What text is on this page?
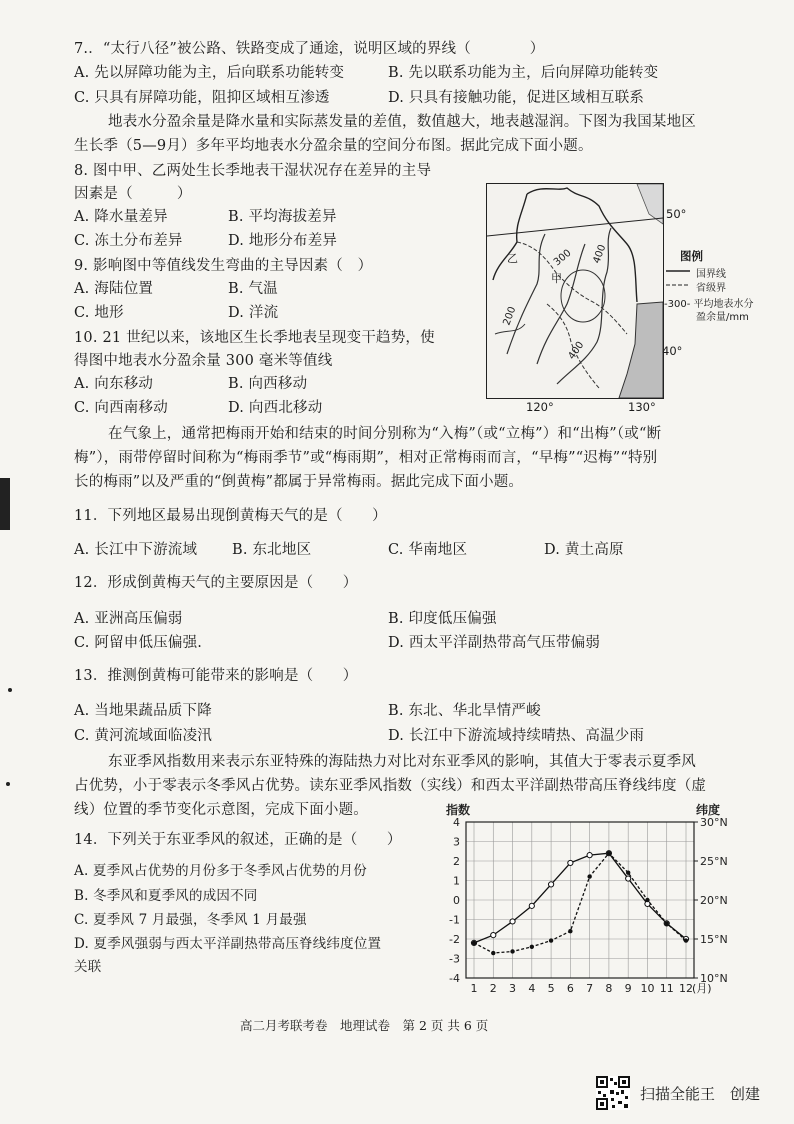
7.．“太行八径”被公路、铁路变成了通途，说明区域的界线（　　　　）
A. 先以屏障功能为主，后向联系功能转变	B. 先以联系功能为主，后向屏障功能转变
C. 只具有屏障功能，阻抑区域相互渗透	D. 只具有接触功能，促进区域相互联系
地表水分盈余量是降水量和实际蒸发量的差值，数值越大，地表越湿润。下图为我国某地区
生长季（5—9月）多年平均地表水分盈余量的空间分布图。据此完成下面小题。
8. 图中甲、乙两处生长季地表干湿状况存在差异的主导
因素是（　　　）
A. 降水量差异	B. 平均海拔差异
C. 冻土分布差异	D. 地形分布差异
9. 影响图中等值线发生弯曲的主导因素（　）
A. 海陆位置	B. 气温
C. 地形	D. 洋流
10. 21 世纪以来，该地区生长季地表呈现变干趋势，使
得图中地表水分盈余量 300 毫米等值线
A. 向东移动	B. 向西移动
C. 向西南移动	D. 向西北移动
在气象上，通常把梅雨开始和结束的时间分别称为“入梅”（或“立梅”）和“出梅”（或“断
梅”），雨带停留时间称为“梅雨季节”或“梅雨期”，相对正常梅雨而言，“早梅”“迟梅”“特别
长的梅雨”以及严重的“倒黄梅”都属于异常梅雨。据此完成下面小题。
11．下列地区最易出现倒黄梅天气的是（　　）
A. 长江中下游流域 B. 东北地区	C. 华南地区	D. 黄土高原
12．形成倒黄梅天气的主要原因是（　　）
A. 亚洲高压偏弱	B. 印度低压偏强
C. 阿留申低压偏强.	D. 西太平洋副热带高气压带偏弱
13．推测倒黄梅可能带来的影响是（　　）
A. 当地果蔬品质下降	B. 东北、华北旱情严峻
C. 黄河流域面临凌汛	D. 长江中下游流域持续晴热、高温少雨
东亚季风指数用来表示东亚特殊的海陆热力对比对东亚季风的影响，其值大于零表示夏季风
占优势，小于零表示冬季风占优势。读东亚季风指数（实线）和西太平洋副热带高压脊线纬度（虚
线）位置的季节变化示意图，完成下面小题。
14．下列关于东亚季风的叙述，正确的是（　　）
A. 夏季风占优势的月份多于冬季风占优势的月份
B. 冬季风和夏季风的成因不同
C. 夏季风 7 月最强，冬季风 1 月最强
D. 夏季风强弱与西太平洋副热带高压脊线纬度位置
关联
300 400
200
400
乙
甲
50°
40°
120°	130°
图例
国界线
省级界
-300- 平均地表水分
盈余量/mm
4
3
2
1
0
-1
-2
-3
-4
1 2 3 4 5 6 7 8 9 10 11 12
30°N
25°N
20°N
15°N
10°N
指数	纬度
(月)
高二月考联考卷　地理试卷　第 2 页 共 6 页
扫描全能王　创建
